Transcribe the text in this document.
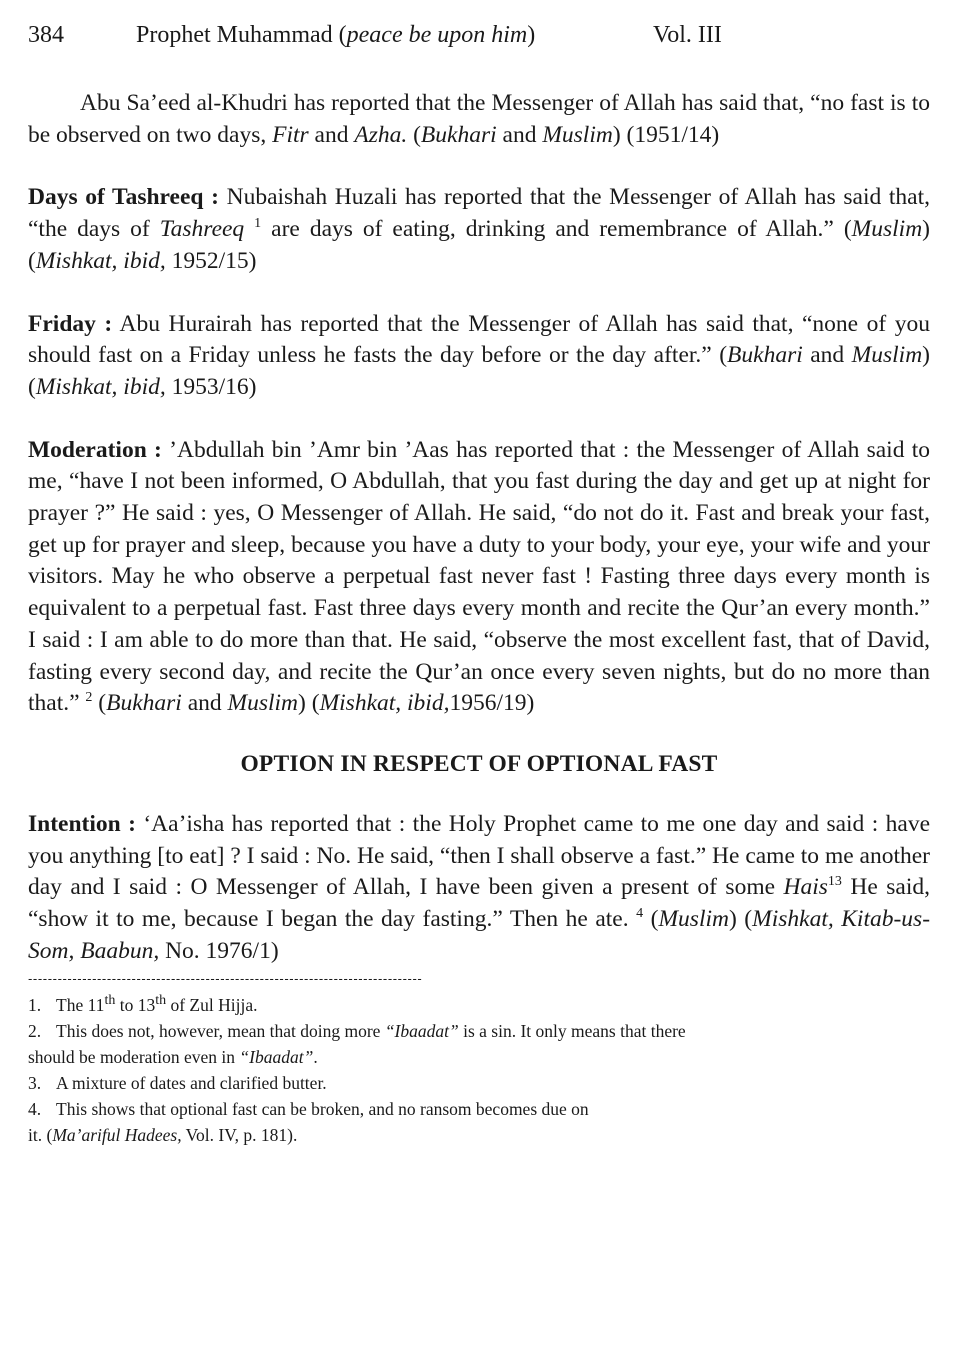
384	Prophet Muhammad (peace be upon him)	Vol. III

Abu Sa’eed al-Khudri has reported that the Messenger of Allah has said that, “no fast is to be observed on two days, Fitr and Azha. (Bukhari and Muslim) (1951/14)

Days of Tashreeq : Nubaishah Huzali has reported that the Messenger of Allah has said that, “the days of Tashreeq $^1$ are days of eating, drinking and remembrance of Allah.” (Muslim) (Mishkat, ibid, 1952/15)

Friday : Abu Hurairah has reported that the Messenger of Allah has said that, “none of you should fast on a Friday unless he fasts the day before or the day after.” (Bukhari and Muslim) (Mishkat, ibid, 1953/16)

Moderation : ’Abdullah bin ’Amr bin ’Aas has reported that : the Messenger of Allah said to me, “have I not been informed, O Abdullah, that you fast during the day and get up at night for prayer ?” He said : yes, O Messenger of Allah. He said, “do not do it. Fast and break your fast, get up for prayer and sleep, because you have a duty to your body, your eye, your wife and your visitors. May he who observe a perpetual fast never fast ! Fasting three days every month is equivalent to a perpetual fast. Fast three days every month and recite the Qur’an every month.” I said : I am able to do more than that. He said, “observe the most excellent fast, that of David, fasting every second day, and recite the Qur’an once every seven nights, but do no more than that.” $^2$ (Bukhari and Muslim) (Mishkat, ibid,1956/19)

OPTION IN RESPECT OF OPTIONAL FAST

Intention : ‘Aa’isha has reported that : the Holy Prophet came to me one day and said : have you anything [to eat] ? I said : No. He said, “then I shall observe a fast.” He came to me another day and I said : O Messenger of Allah, I have been given a present of some Hais$^{13}$ He said, “show it to me, because I began the day fasting.” Then he ate. $^4$ (Muslim) (Mishkat, Kitab-us-Som, Baabun, No. 1976/1)

--------------------------------------------------------------------------------

1. The 11th to 13th of Zul Hijja.

2. This does not, however, mean that doing more “Ibaadat” is a sin. It only means that there

should be moderation even in “Ibaadat”.

3. A mixture of dates and clarified butter.

4. This shows that optional fast can be broken, and no ransom becomes due on

it. (Ma’ariful Hadees, Vol. IV, p. 181).
